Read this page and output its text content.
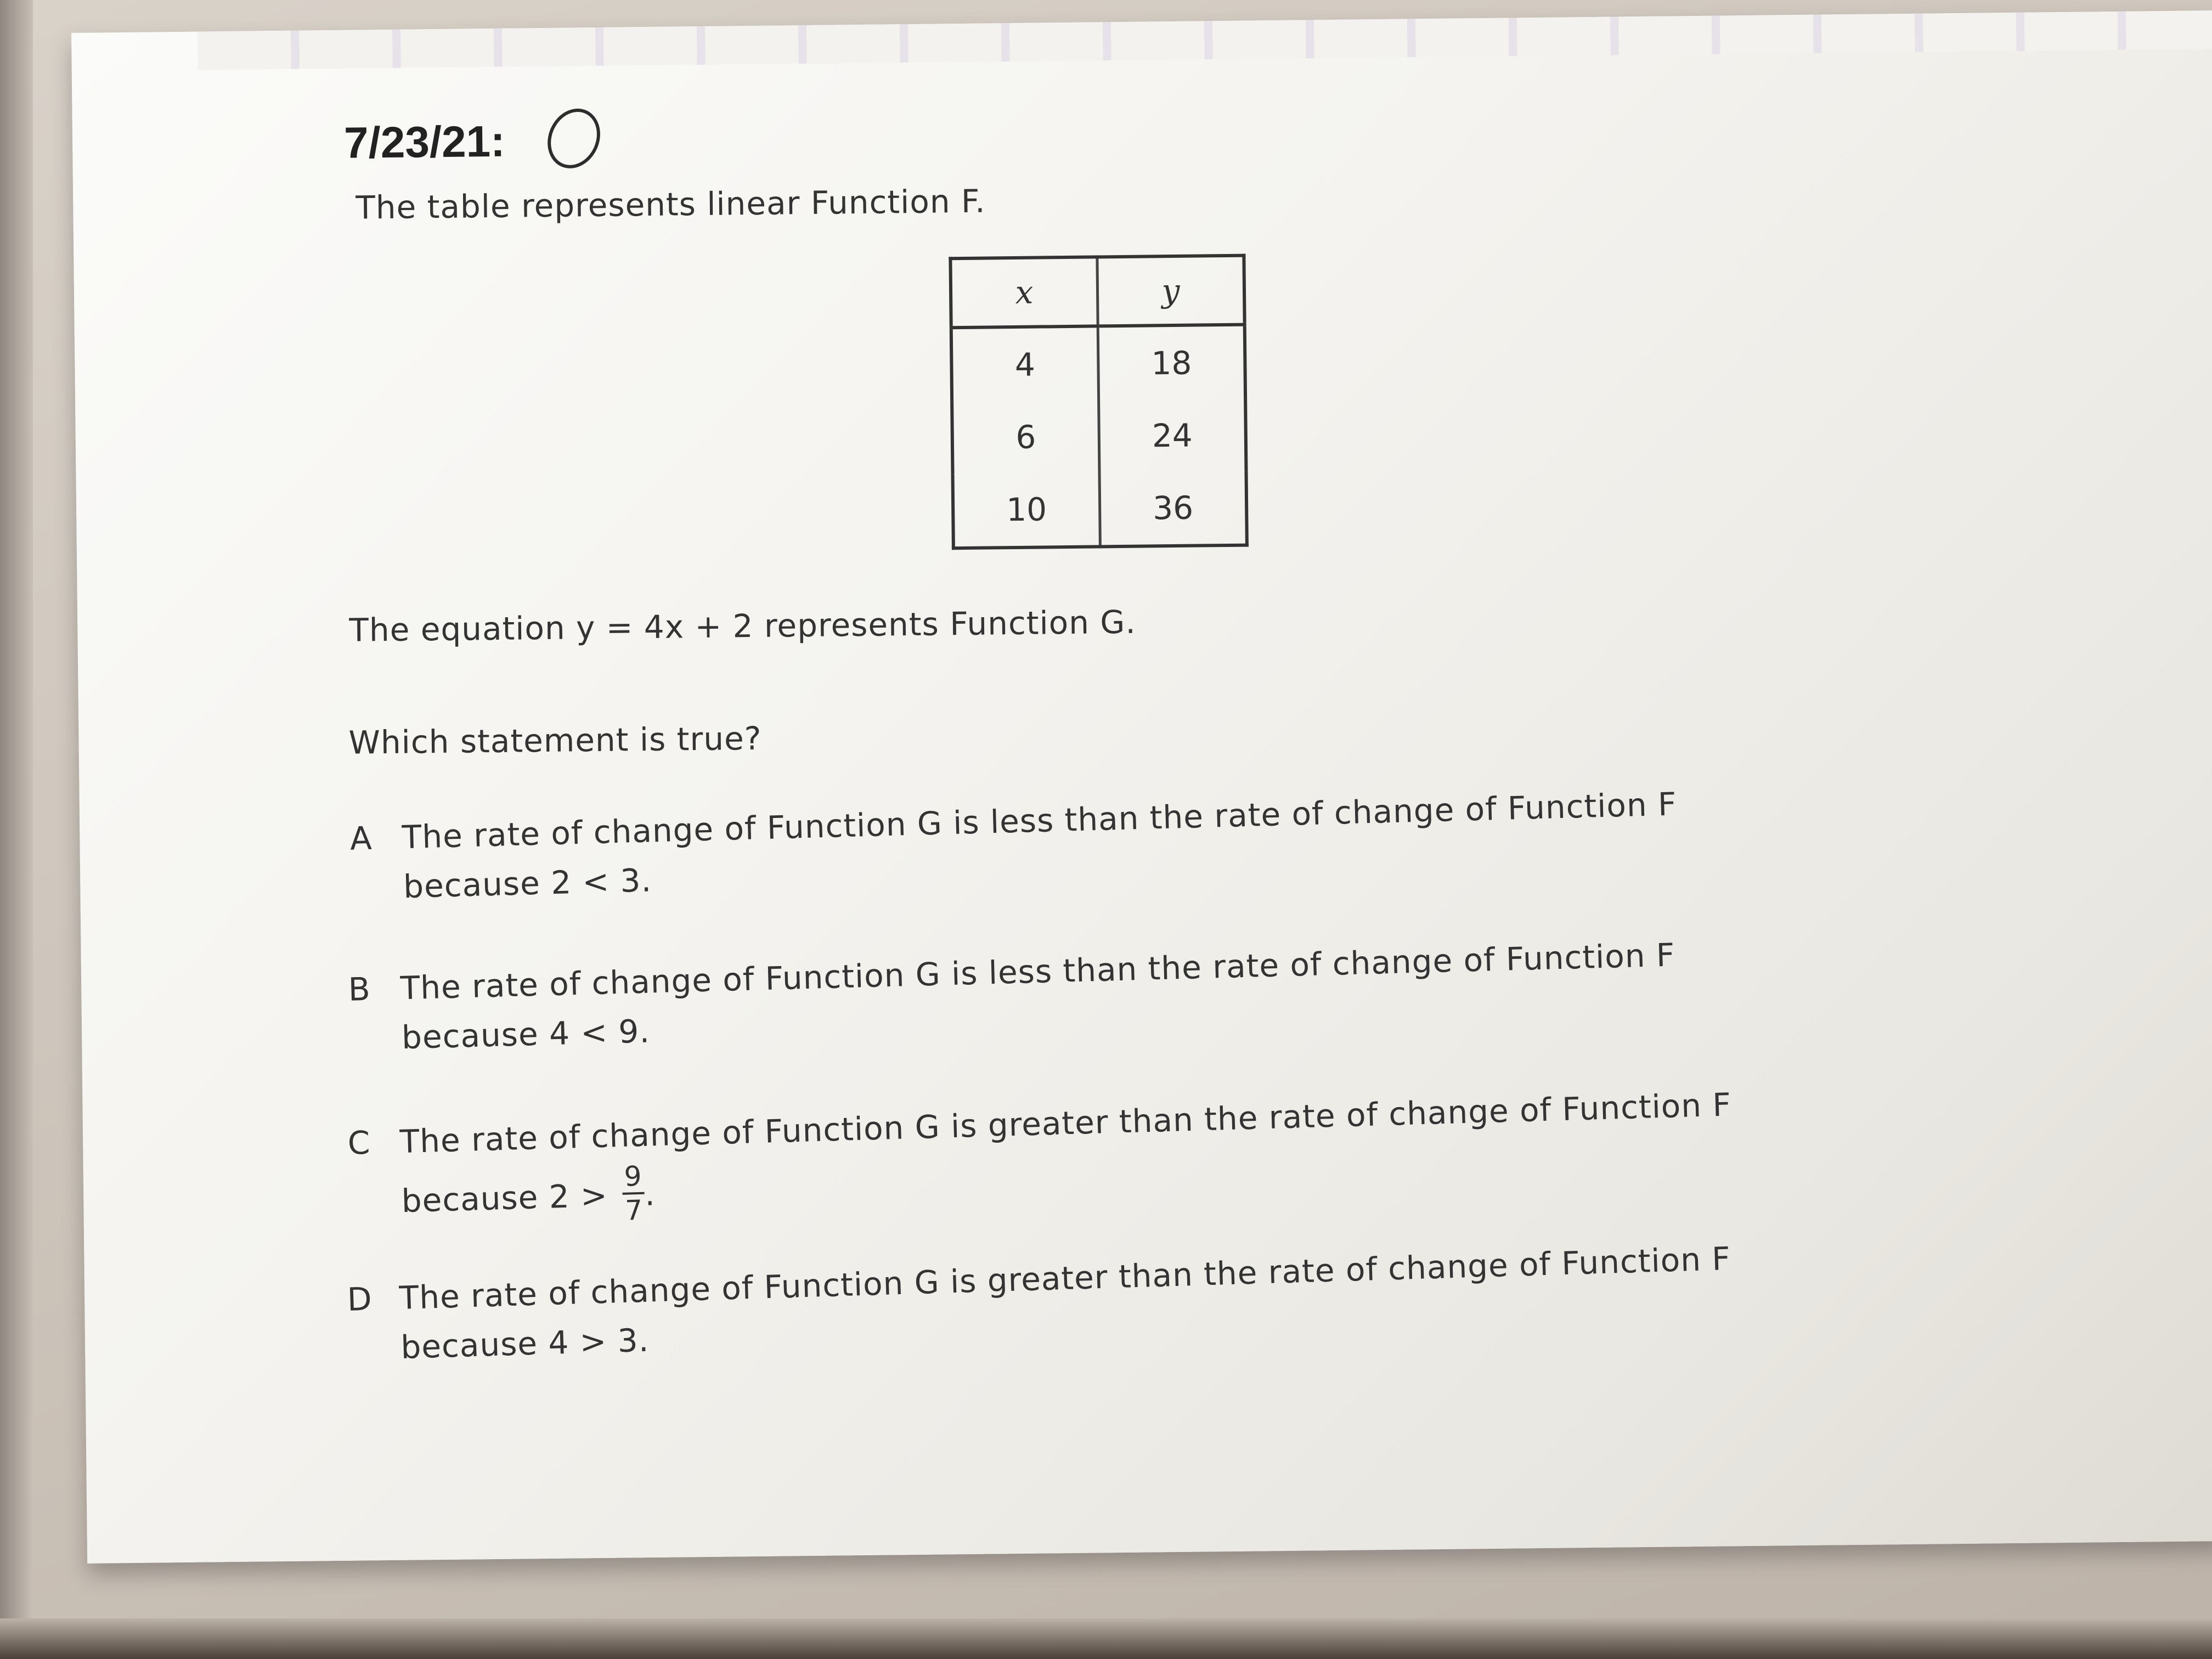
7/23/21:
The table represents linear Function F.
x	y
4	18
6	24
10	36
The equation y = 4x + 2 represents Function G.
Which statement is true?
A The rate of change of Function G is less than the rate of change of Function F
because 2 < 3.
B The rate of change of Function G is less than the rate of change of Function F
because 4 < 9.
C The rate of change of Function G is greater than the rate of change of Function F
because 2 >
9
7 .
D The rate of change of Function G is greater than the rate of change of Function F
because 4 > 3.
